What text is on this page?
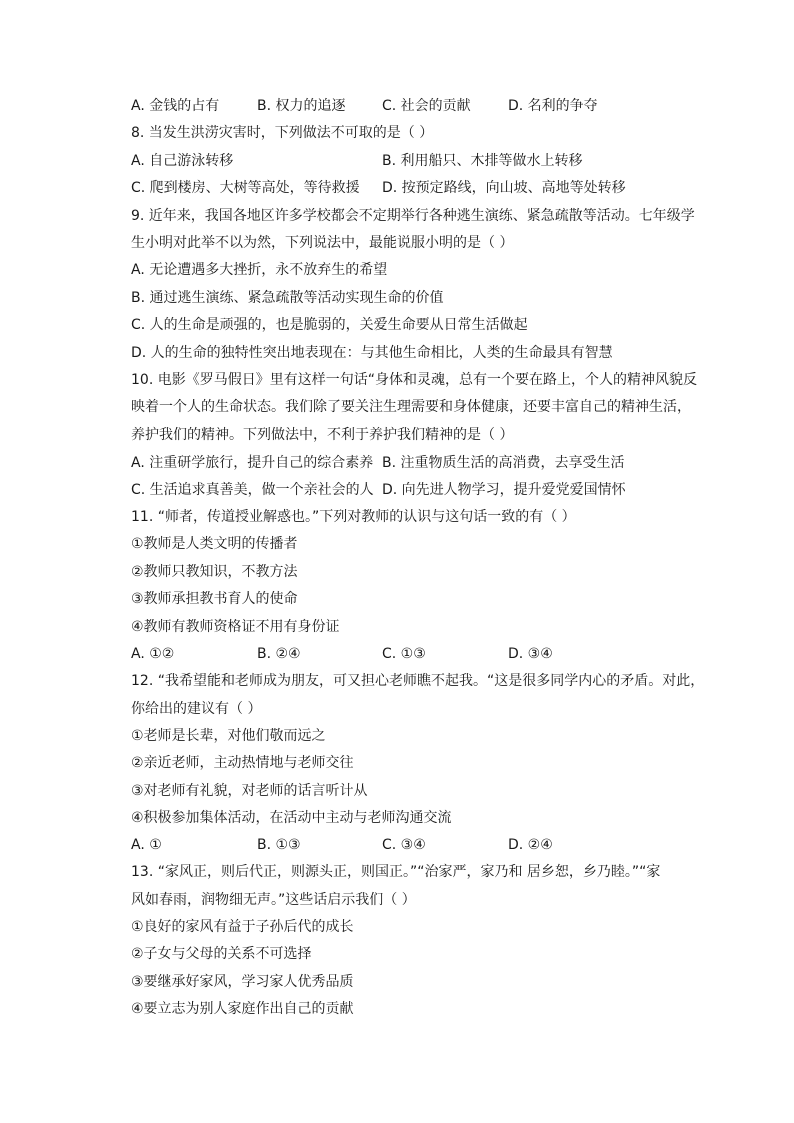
A. 金钱的占有	B. 权力的追逐	C. 社会的贡献	D. 名利的争夺
8. 当发生洪涝灾害时，下列做法不可取的是（ ）
A. 自己游泳转移	B. 利用船只、木排等做水上转移
C. 爬到楼房、大树等高处，等待救援 D. 按预定路线，向山坡、高地等处转移
9. 近年来，我国各地区许多学校都会不定期举行各种逃生演练、紧急疏散等活动。七年级学
生小明对此举不以为然，下列说法中，最能说服小明的是（ ）
A. 无论遭遇多大挫折，永不放弃生的希望
B. 通过逃生演练、紧急疏散等活动实现生命的价值
C. 人的生命是顽强的，也是脆弱的，关爱生命要从日常生活做起
D. 人的生命的独特性突出地表现在：与其他生命相比，人类的生命最具有智慧
10. 电影《罗马假日》里有这样一句话“身体和灵魂，总有一个要在路上，个人的精神风貌反
映着一个人的生命状态。我们除了要关注生理需要和身体健康，还要丰富自己的精神生活，
养护我们的精神。下列做法中，不利于养护我们精神的是（ ）
A. 注重研学旅行，提升自己的综合素养 B. 注重物质生活的高消费，去享受生活
C. 生活追求真善美，做一个亲社会的人 D. 向先进人物学习，提升爱党爱国情怀
11. “师者，传道授业解惑也。”下列对教师的认识与这句话一致的有（ ）
①教师是人类文明的传播者
②教师只教知识，不教方法
③教师承担教书育人的使命
④教师有教师资格证不用有身份证
A. ①②	B. ②④	C. ①③	D. ③④
12. “我希望能和老师成为朋友，可又担心老师瞧不起我。“这是很多同学内心的矛盾。对此，
你给出的建议有（ ）
①老师是长辈，对他们敬而远之
②亲近老师，主动热情地与老师交往
③对老师有礼貌，对老师的话言听计从
④积极参加集体活动，在活动中主动与老师沟通交流
A. ①	B. ①③	C. ③④	D. ②④
13. “家风正，则后代正，则源头正，则国正。”“治家严，家乃和 居乡恕，乡乃睦。”“家
风如春雨，润物细无声。”这些话启示我们（ ）
①良好的家风有益于子孙后代的成长
②子女与父母的关系不可选择
③要继承好家风，学习家人优秀品质
④要立志为别人家庭作出自己的贡献
